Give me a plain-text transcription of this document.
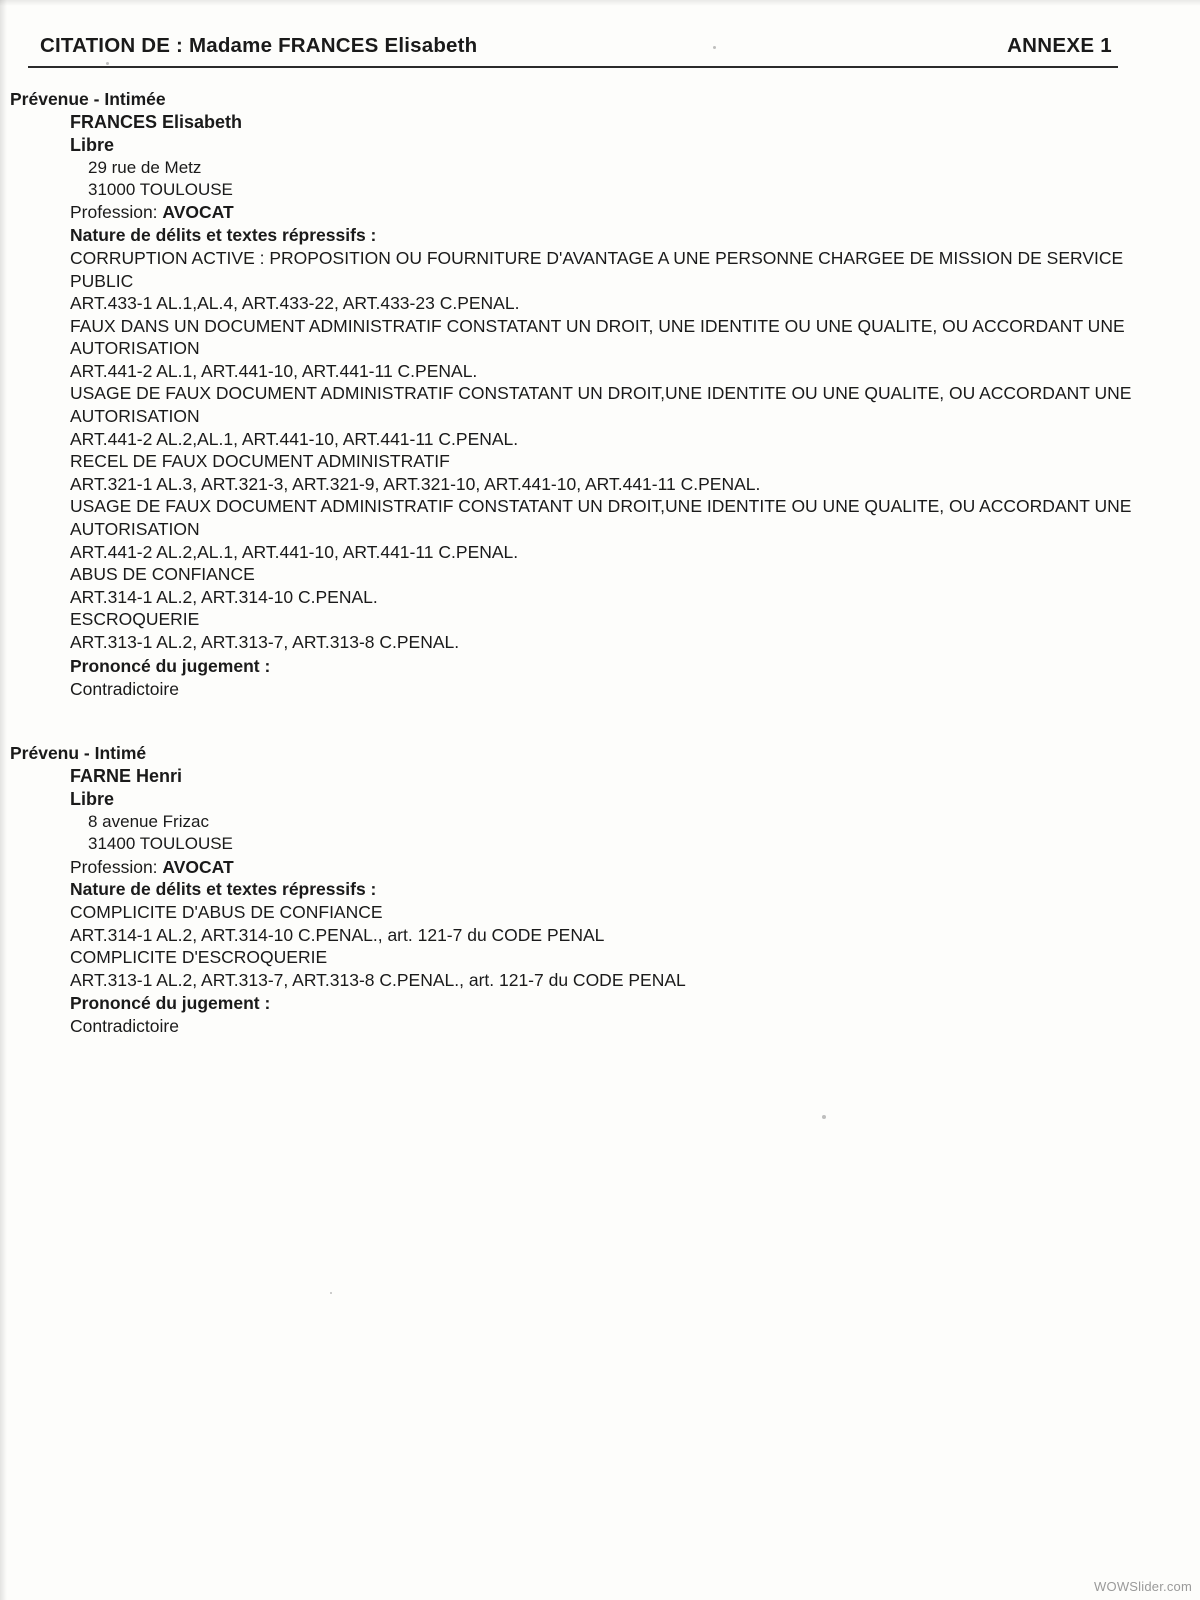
CITATION DE : Madame FRANCES Elisabeth	ANNEXE 1
Prévenue - Intimée
FRANCES Elisabeth
Libre
29 rue de Metz
31000 TOULOUSE
Profession: AVOCAT
Nature de délits et textes répressifs :
CORRUPTION ACTIVE : PROPOSITION OU FOURNITURE D'AVANTAGE A UNE PERSONNE CHARGEE DE MISSION DE SERVICE PUBLIC
ART.433-1 AL.1,AL.4, ART.433-22, ART.433-23 C.PENAL.
FAUX DANS UN DOCUMENT ADMINISTRATIF CONSTATANT UN DROIT, UNE IDENTITE OU UNE QUALITE, OU ACCORDANT UNE AUTORISATION
ART.441-2 AL.1, ART.441-10, ART.441-11 C.PENAL.
USAGE DE FAUX DOCUMENT ADMINISTRATIF CONSTATANT UN DROIT,UNE IDENTITE OU UNE QUALITE, OU ACCORDANT UNE AUTORISATION
ART.441-2 AL.2,AL.1, ART.441-10, ART.441-11 C.PENAL.
RECEL DE FAUX DOCUMENT ADMINISTRATIF
ART.321-1 AL.3, ART.321-3, ART.321-9, ART.321-10, ART.441-10, ART.441-11 C.PENAL.
USAGE DE FAUX DOCUMENT ADMINISTRATIF CONSTATANT UN DROIT,UNE IDENTITE OU UNE QUALITE, OU ACCORDANT UNE AUTORISATION
ART.441-2 AL.2,AL.1, ART.441-10, ART.441-11 C.PENAL.
ABUS DE CONFIANCE
ART.314-1 AL.2, ART.314-10 C.PENAL.
ESCROQUERIE
ART.313-1 AL.2, ART.313-7, ART.313-8 C.PENAL.
Prononcé du jugement :
Contradictoire
Prévenu - Intimé
FARNE Henri
Libre
8 avenue Frizac
31400 TOULOUSE
Profession: AVOCAT
Nature de délits et textes répressifs :
COMPLICITE D'ABUS DE CONFIANCE
ART.314-1 AL.2, ART.314-10 C.PENAL., art. 121-7 du CODE PENAL
COMPLICITE D'ESCROQUERIE
ART.313-1 AL.2, ART.313-7, ART.313-8 C.PENAL., art. 121-7 du CODE PENAL
Prononcé du jugement :
Contradictoire
WOWSlider.com
